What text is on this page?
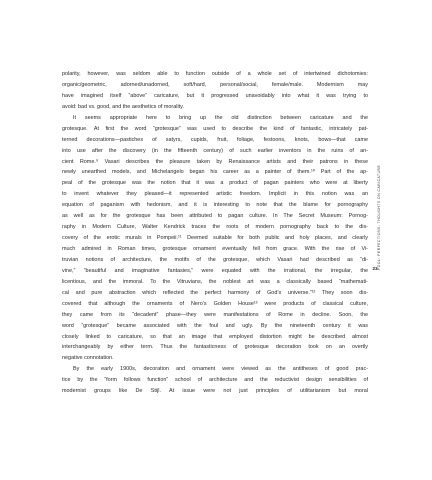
polarity, however, was seldom able to function outside of a whole set of intertwined dichotomies:
organic/geometric, adorned/unadorned, soft/hard, personal/social, female/male. Modernism may
have imagined itself “above” caricature, but it progressed unavoidably into what it was trying to
avoid: bad vs. good, and the aesthetics of morality.
It seems appropriate here to bring up the old distinction between caricature and the
grotesque. At first the word “grotesque” was used to describe the kind of fantastic, intricately pat-
terned decorations—pastiches of satyrs, cupids, fruit, foliage, festoons, knots, bows—that came
into use after the discovery (in the fifteenth century) of such earlier inventors in the ruins of an-
cient Rome.⁹ Vasari describes the pleasure taken by Renaissance artists and their patrons in these
newly unearthed models, and Michelangelo began his career as a painter of them.¹⁰ Part of the ap-
peal of the grotesque was the notion that it was a product of pagan painters who were at liberty
to invent whatever they pleased—it represented artistic freedom. Implicit in this notion was an
equation of paganism with hedonism, and it is interesting to note that the blame for pornography
as well as for the grotesque has been attributed to pagan culture. In The Secret Museum: Pornog-
raphy in Modern Culture, Walter Kendrick traces the roots of modern pornography back to the dis-
covery of the erotic murals in Pompeii.¹¹ Deemed suitable for both public and holy places, and clearly
much admired in Roman times, grotesque ornament eventually fell from grace. With the rise of Vi-
truvian notions of architecture, the motifs of the grotesque, which Vasari had described as “di-
vine,” “beautiful and imaginative fantasies,” were equated with the irrational, the irregular, the
licentious, and the immoral. To the Vitruvians, the noblest art was a classically based “mathemati-
cal and pure abstraction which reflected the perfect harmony of God’s universe.”¹² They soon dis-
covered that although the ornaments of Nero’s Golden House¹³ were products of classical culture,
they came from its “decadent” phase—they were manifestations of Rome in decline. Soon, the
word “grotesque” became associated with the foul and ugly. By the nineteenth century it was
closely linked to caricature, so that an image that employed distortion might be described almost
interchangeably by either term. Thus the fantasticness of grotesque decoration took on an overtly
negative connotation.
By the early 1900s, decoration and ornament were viewed as the antitheses of good prac-
tice by the “form follows function” school of architecture and the reductivist design sensibilities of
modernist groups like De Stijl. At issue were not just principles of utilitarianism but moral
POOL: PERFECTIONS: THOUGHTS ON CARICATURE
23
